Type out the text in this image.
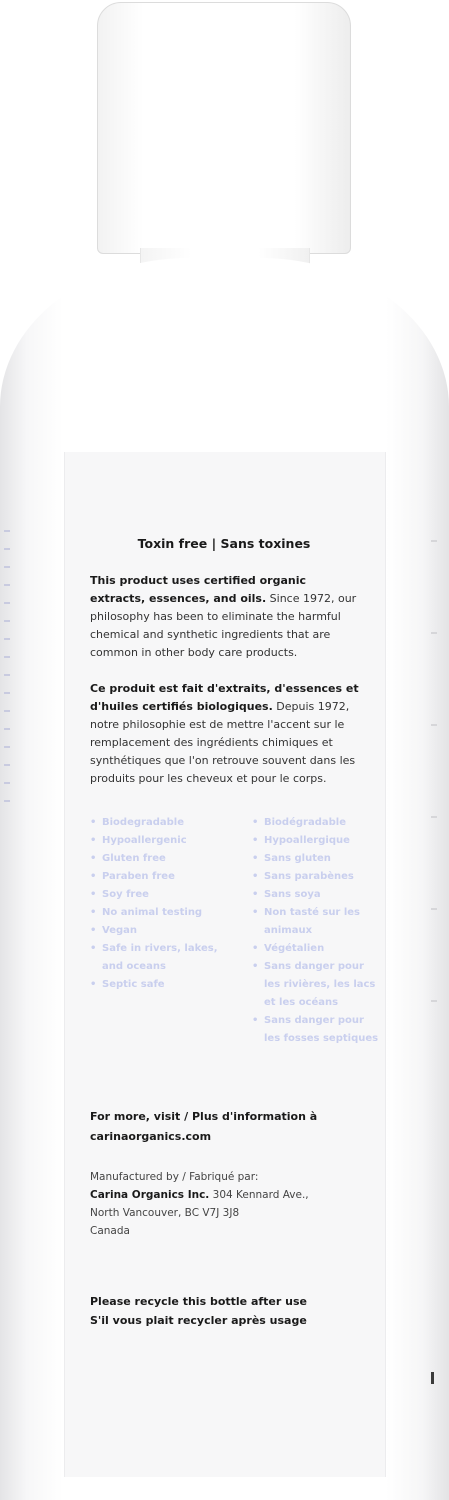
Toxin free | Sans toxines
This product uses certified organic extracts, essences, and oils. Since 1972, our philosophy has been to eliminate the harmful chemical and synthetic ingredients that are common in other body care products.
Ce produit est fait d'extraits, d'essences et d'huiles certifiés biologiques. Depuis 1972, notre philosophie est de mettre l'accent sur le remplacement des ingrédients chimiques et synthétiques que l'on retrouve souvent dans les produits pour les cheveux et pour le corps.
• Biodegradable
• Hypoallergenic
• Gluten free
• Paraben free
• Soy free
• No animal testing
• Vegan
• Safe in rivers, lakes, and oceans
• Septic safe
• Biodégradable
• Hypoallergique
• Sans gluten
• Sans parabènes
• Sans soya
• Non tasté sur les animaux
• Végétalien
• Sans danger pour les rivières, les lacs et les océans
• Sans danger pour les fosses septiques
For more, visit / Plus d'information à
carinaorganics.com
Manufactured by / Fabriqué par:
Carina Organics Inc. 304 Kennard Ave.,
North Vancouver, BC V7J 3J8
Canada
Please recycle this bottle after use
S'il vous plait recycler après usage
